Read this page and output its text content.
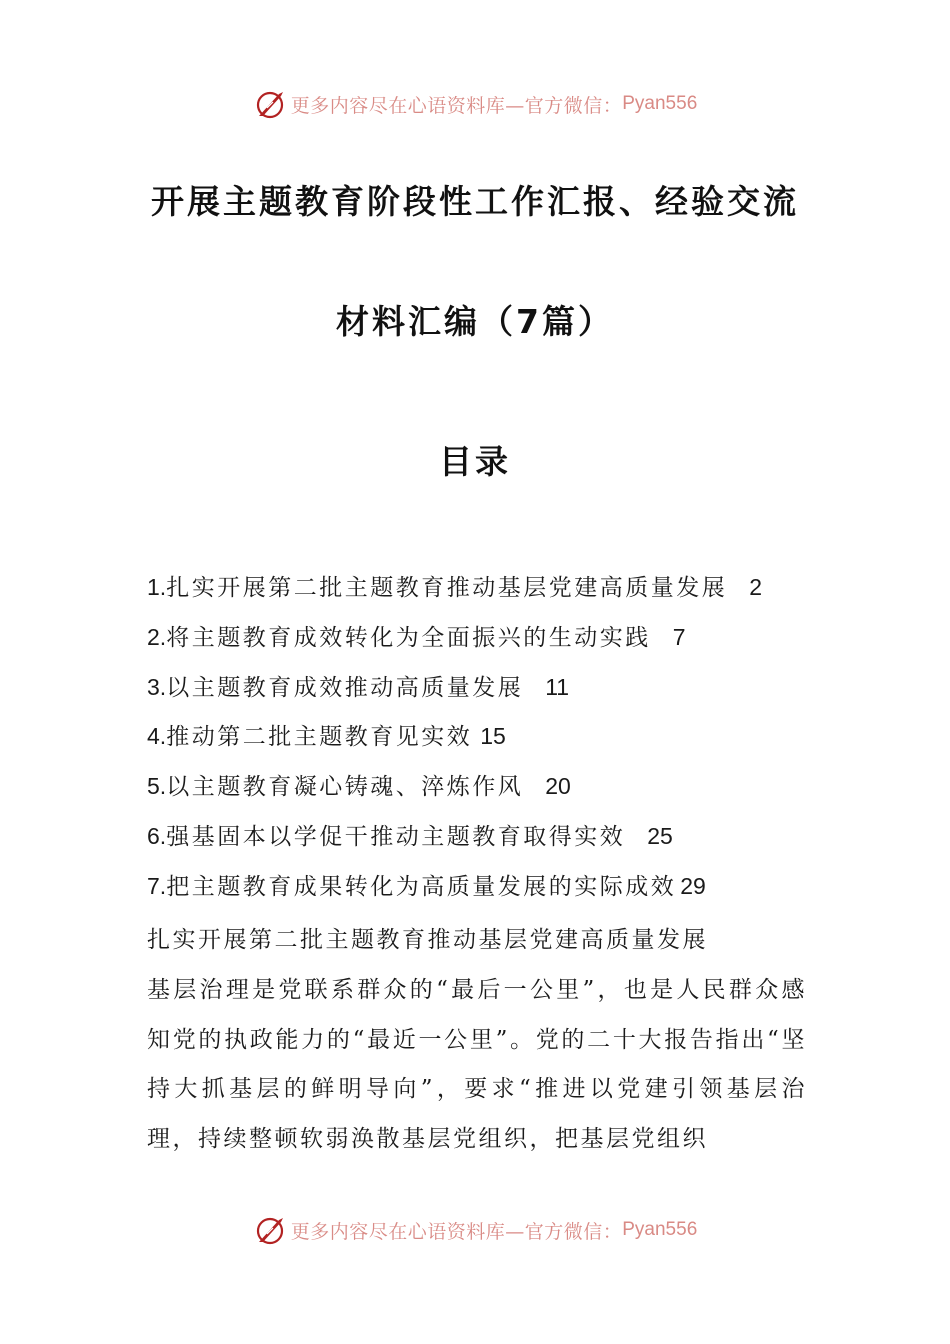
更多内容尽在心语资料库—官方微信： Pyan556
开展主题教育阶段性工作汇报、经验交流
材料汇编（7篇）
目录
1.扎实开展第二批主题教育推动基层党建高质量发展 2
2.将主题教育成效转化为全面振兴的生动实践 7
3.以主题教育成效推动高质量发展 11
4.推动第二批主题教育见实效 15
5.以主题教育凝心铸魂、淬炼作风 20
6.强基固本以学促干推动主题教育取得实效 25
7.把主题教育成果转化为高质量发展的实际成效 29

扎实开展第二批主题教育推动基层党建高质量发展

基层治理是党联系群众的“最后一公里”，也是人民群众感知党的执政能力的“最近一公里”。党的二十大报告指出“坚持大抓基层的鲜明导向”，要求“推进以党建引领基层治理，持续整顿软弱涣散基层党组织，把基层党组织

更多内容尽在心语资料库—官方微信： Pyan556
